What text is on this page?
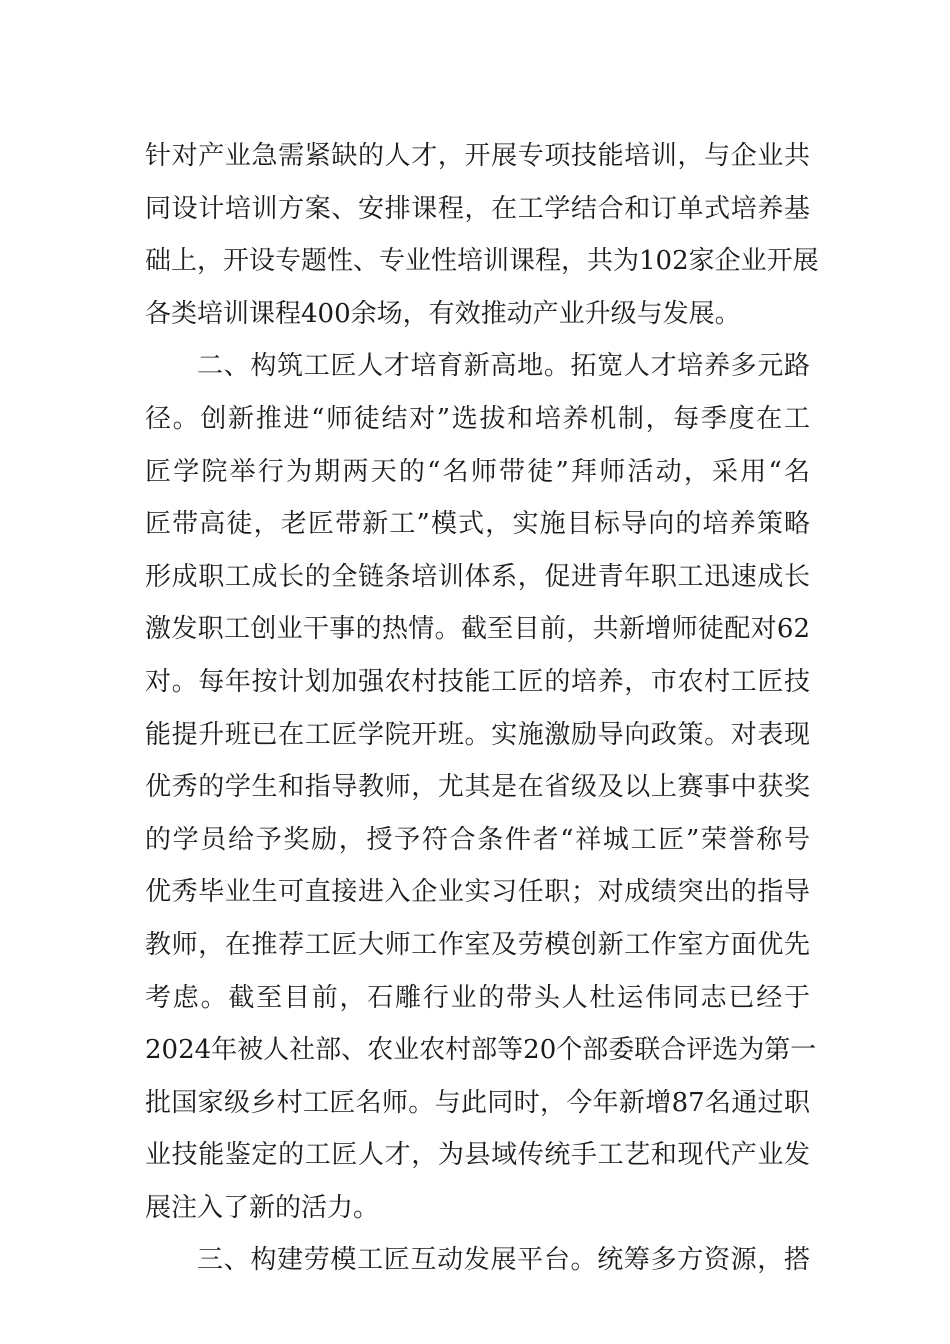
针对产业急需紧缺的人才，开展专项技能培训，与企业共
同设计培训方案、安排课程，在工学结合和订单式培养基
础上，开设专题性、专业性培训课程，共为102家企业开展
各类培训课程400余场，有效推动产业升级与发展。
二、构筑工匠人才培育新高地。拓宽人才培养多元路
径。创新推进“师徒结对”选拔和培养机制，每季度在工
匠学院举行为期两天的“名师带徒”拜师活动，采用“名
匠带高徒，老匠带新工”模式，实施目标导向的培养策略
形成职工成长的全链条培训体系，促进青年职工迅速成长
激发职工创业干事的热情。截至目前，共新增师徒配对62
对。每年按计划加强农村技能工匠的培养，市农村工匠技
能提升班已在工匠学院开班。实施激励导向政策。对表现
优秀的学生和指导教师，尤其是在省级及以上赛事中获奖
的学员给予奖励，授予符合条件者“祥城工匠”荣誉称号
优秀毕业生可直接进入企业实习任职；对成绩突出的指导
教师，在推荐工匠大师工作室及劳模创新工作室方面优先
考虑。截至目前，石雕行业的带头人杜运伟同志已经于
2024年被人社部、农业农村部等20个部委联合评选为第一
批国家级乡村工匠名师。与此同时，今年新增87名通过职
业技能鉴定的工匠人才，为县域传统手工艺和现代产业发
展注入了新的活力。
三、构建劳模工匠互动发展平台。统筹多方资源，搭
